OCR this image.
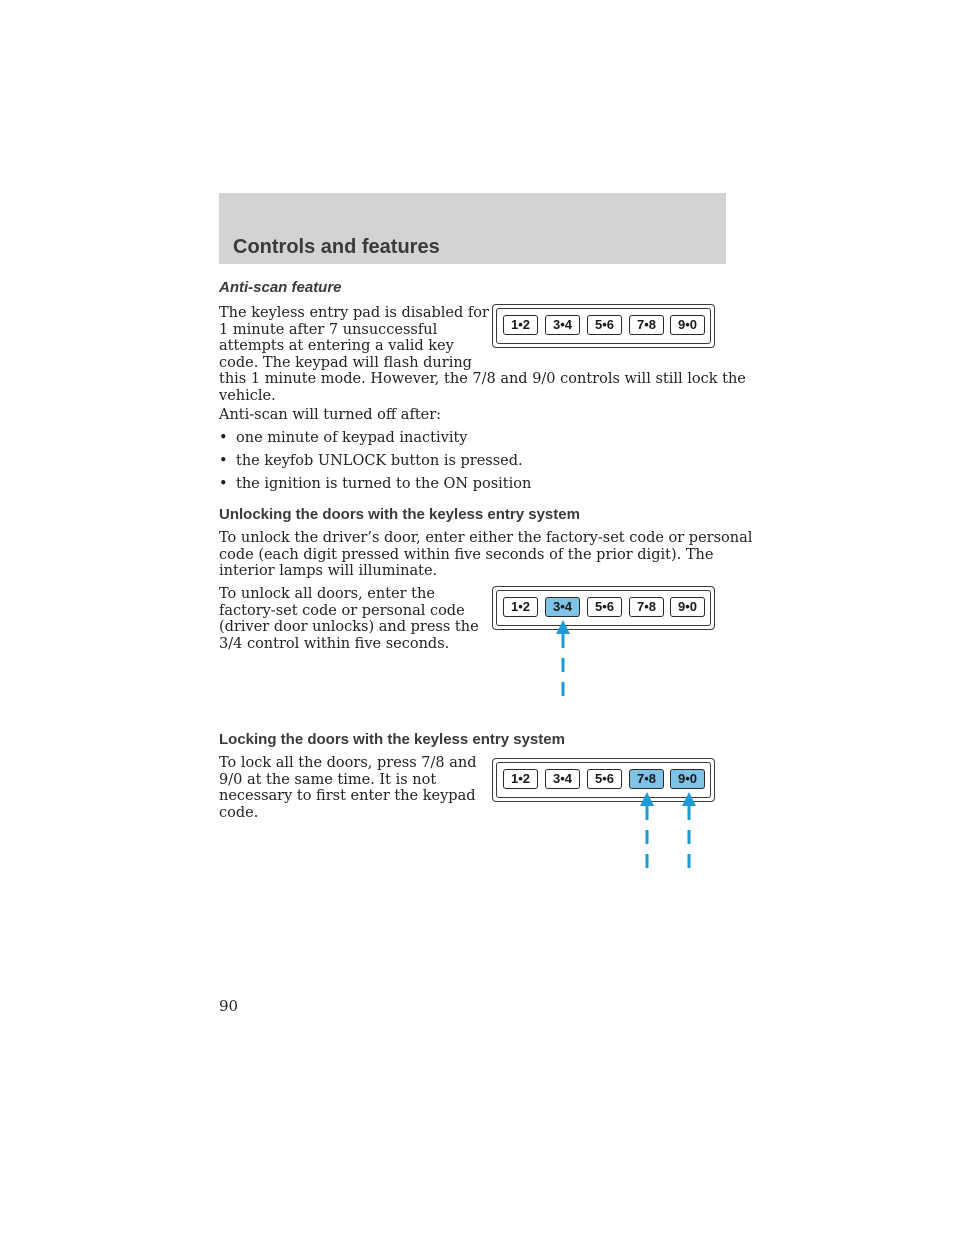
Controls and features
Anti-scan feature
The keyless entry pad is disabled for
1 minute after 7 unsuccessful
attempts at entering a valid key
code. The keypad will flash during
this 1 minute mode. However, the 7/8 and 9/0 controls will still lock the
vehicle.
Anti-scan will turned off after:
• one minute of keypad inactivity
• the keyfob UNLOCK button is pressed.
• the ignition is turned to the ON position
1•2	3•4	5•6	7•8	9•0
Unlocking the doors with the keyless entry system
To unlock the driver’s door, enter either the factory-set code or personal
code (each digit pressed within five seconds of the prior digit). The
interior lamps will illuminate.
To unlock all doors, enter the
factory-set code or personal code
(driver door unlocks) and press the
3/4 control within five seconds.
1•2	3•4	5•6	7•8	9•0
Locking the doors with the keyless entry system
To lock all the doors, press 7/8 and
9/0 at the same time. It is not
necessary to first enter the keypad
code.
1•2	3•4	5•6	7•8	9•0
90
